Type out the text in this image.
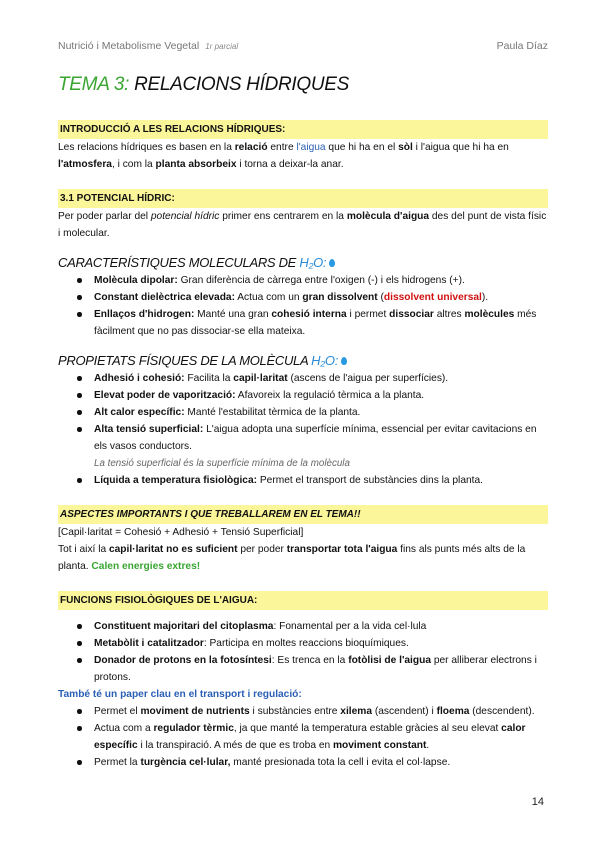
Nutrició i Metabolisme Vegetal 1r parcial	Paula Díaz
TEMA 3: RELACIONS HÍDRIQUES

INTRODUCCIÓ A LES RELACIONS HÍDRIQUES:

Les relacions hídriques es basen en la relació entre l'aigua que hi ha en el sòl i l'aigua que hi ha en l'atmosfera, i com la planta absorbeix i torna a deixar-la anar.

3.1 POTENCIAL HÍDRIC:

Per poder parlar del potencial hídric primer ens centrarem en la molècula d'aigua des del punt de vista físic i molecular.

CARACTERÍSTIQUES MOLECULARS DE H₂O:
Molècula dipolar: Gran diferència de càrrega entre l'oxigen (-) i els hidrogens (+).
Constant dielèctrica elevada: Actua com un gran dissolvent (dissolvent universal).
Enllaços d'hidrogen: Manté una gran cohesió interna i permet dissociar altres molècules més fàcilment que no pas dissociar-se ella mateixa.
PROPIETATS FÍSIQUES DE LA MOLÈCULA H₂O:
Adhesió i cohesió: Facilita la capil·laritat (ascens de l'aigua per superfícies).
Elevat poder de vaporització: Afavoreix la regulació tèrmica a la planta.
Alt calor específic: Manté l'estabilitat tèrmica de la planta.
Alta tensió superficial: L'aigua adopta una superfície mínima, essencial per evitar cavitacions en els vasos conductors.

La tensió superficial és la superfície mínima de la molècula

Líquida a temperatura fisiològica: Permet el transport de substàncies dins la planta.

ASPECTES IMPORTANTS I QUE TREBALLAREM EN EL TEMA!!

[Capil·laritat = Cohesió + Adhesió + Tensió Superficial]

Tot i així la capil·laritat no es suficient per poder transportar tota l'aigua fins als punts més alts de la planta. Calen energies extres!

FUNCIONS FISIOLÒGIQUES DE L'AIGUA:

Constituent majoritari del citoplasma: Fonamental per a la vida cel·lula
Metabòlit i catalitzador: Participa en moltes reaccions bioquímiques.
Donador de protons en la fotosíntesi: Es trenca en la fotòlisi de l'aigua per alliberar electrons i protons.

També té un paper clau en el transport i regulació:

Permet el moviment de nutrients i substàncies entre xilema (ascendent) i floema (descendent).
Actua com a regulador tèrmic, ja que manté la temperatura estable gràcies al seu elevat calor específic i la transpiració. A més de que es troba en moviment constant.
Permet la turgència cel·lular, manté presionada tota la cell i evita el col·lapse.
14
